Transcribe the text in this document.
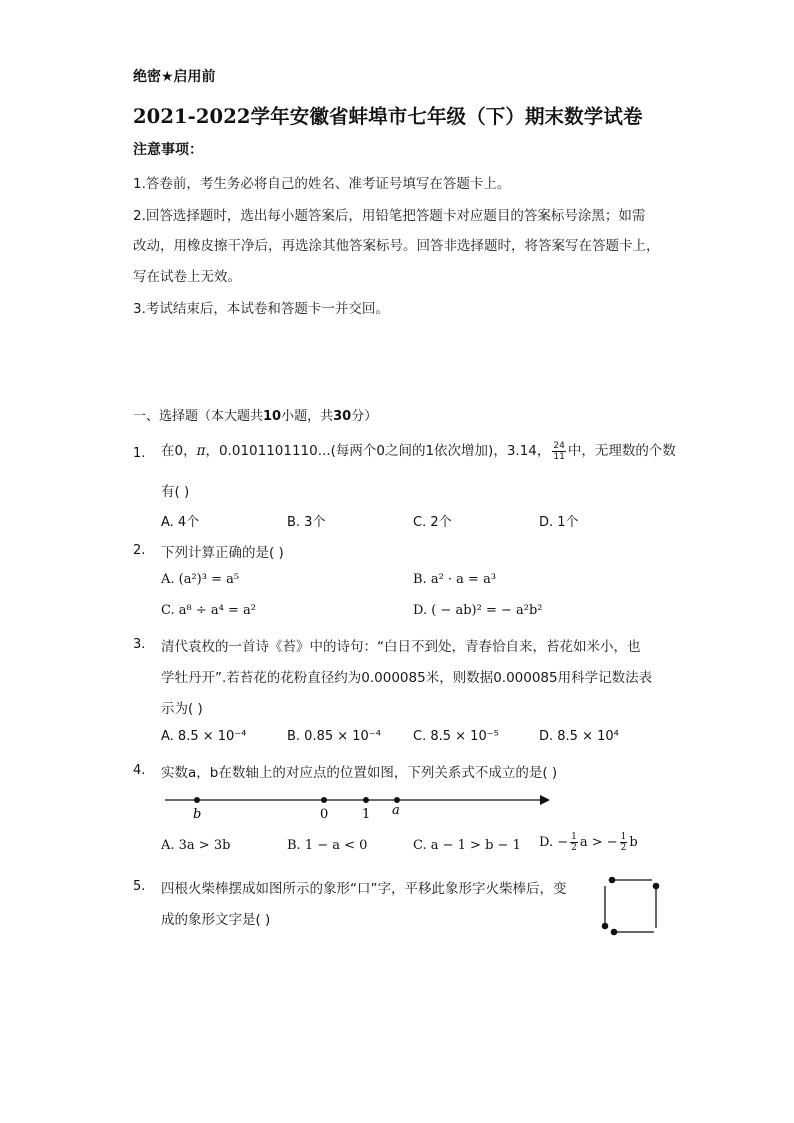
绝密★启用前
2021-2022学年安徽省蚌埠市七年级（下）期末数学试卷
注意事项：
1.答卷前，考生务必将自己的姓名、准考证号填写在答题卡上。
2.回答选择题时，选出每小题答案后，用铅笔把答题卡对应题目的答案标号涂黑；如需
改动，用橡皮擦干净后，再选涂其他答案标号。回答非选择题时，将答案写在答题卡上，
写在试卷上无效。
3.考试结束后，本试卷和答题卡一并交回。
一、选择题（本大题共10小题，共30分）
1. 在0，π，0.0101101110...(每两个0之间的1依次增加)，3.14， $\frac{24}{11}$ 中，无理数的个数
有( )
A. 4个	B. 3个	C. 2个	D. 1个
2. 下列计算正确的是( )
A. (a²)³ = a⁵	B. a² · a = a³
C. a⁸ ÷ a⁴ = a²	D. ( − ab)² = − a²b²
3. 清代袁枚的一首诗《苔》中的诗句：“白日不到处，青春恰自来，苔花如米小，也
学牡丹开”.若苔花的花粉直径约为0.000085米，则数据0.000085用科学记数法表
示为( )
A. 8.5 × 10⁻⁴	B. 0.85 × 10⁻⁴ C. 8.5 × 10⁻⁵	D. 8.5 × 10⁴
4. 实数a，b在数轴上的对应点的位置如图，下列关系式不成立的是( )
b	0	1 a
A. 3a > 3b	B. 1 − a < 0	C. a − 1 > b − 1 D. − $\frac{1}{2}$ a > − $\frac{1}{2}$ b
5. 四根火柴棒摆成如图所示的象形“口”字，平移此象形字火柴棒后，变
成的象形文字是( )
